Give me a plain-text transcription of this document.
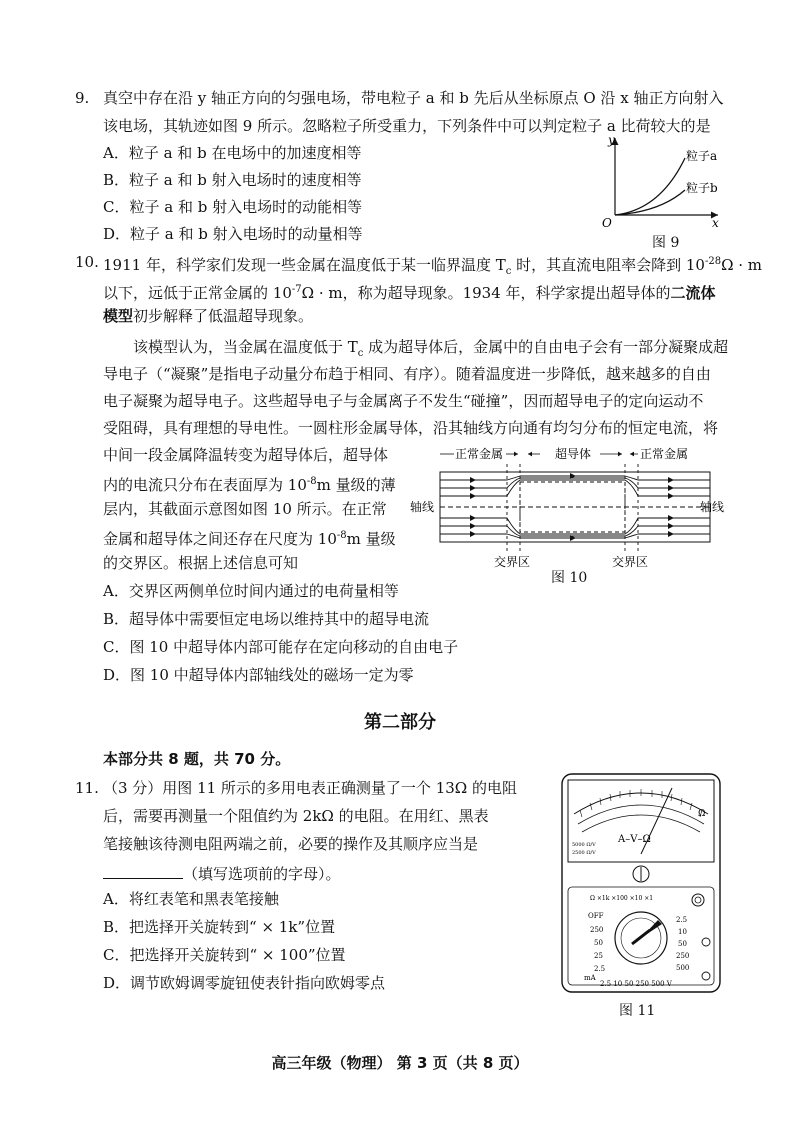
9. 真空中存在沿 y 轴正方向的匀强电场，带电粒子 a 和 b 先后从坐标原点 O 沿 x 轴正方向射入
该电场，其轨迹如图 9 所示。忽略粒子所受重力，下列条件中可以判定粒子 a 比荷较大的是
A．粒子 a 和 b 在电场中的加速度相等
B．粒子 a 和 b 射入电场时的速度相等
C．粒子 a 和 b 射入电场时的动能相等
D．粒子 a 和 b 射入电场时的动量相等
y
x
O
粒子a
粒子b
图 9
10. 1911 年，科学家们发现一些金属在温度低于某一临界温度 $T_c$ 时，其直流电阻率会降到 $10^{-28}\Omega \cdot m$
以下，远低于正常金属的 $10^{-7}\Omega \cdot m$，称为超导现象。1934 年，科学家提出超导体的二流体
模型初步解释了低温超导现象。
该模型认为，当金属在温度低于 $T_c$ 成为超导体后，金属中的自由电子会有一部分凝聚成超
导电子（“凝聚”是指电子动量分布趋于相同、有序）。随着温度进一步降低，越来越多的自由
电子凝聚为超导电子。这些超导电子与金属离子不发生“碰撞”，因而超导电子的定向运动不
受阻碍，具有理想的导电性。一圆柱形金属导体，沿其轴线方向通有均匀分布的恒定电流，将
中间一段金属降温转变为超导体后，超导体
内的电流只分布在表面厚为 $10^{-8}m$ 量级的薄
层内，其截面示意图如图 10 所示。在正常
金属和超导体之间还存在尺度为 $10^{-8}m$ 量级
的交界区。根据上述信息可知
A．交界区两侧单位时间内通过的电荷量相等
B．超导体中需要恒定电场以维持其中的超导电流
C．图 10 中超导体内部可能存在定向移动的自由电子
D．图 10 中超导体内部轴线处的磁场一定为零
正常金属	超导体	正常金属
轴线	轴线
交界区	交界区
图 10
第二部分
本部分共 8 题，共 70 分。
11. （3 分）用图 11 所示的多用电表正确测量了一个 13Ω 的电阻
后，需要再测量一个阻值约为 2kΩ 的电阻。在用红、黑表
笔接触该待测电阻两端之前，必要的操作及其顺序应当是
（填写选项前的字母）。
A．将红表笔和黑表笔接触
B．把选择开关旋转到“ × 1k”位置
C．把选择开关旋转到“ × 100”位置
D．调节欧姆调零旋钮使表针指向欧姆零点
Ω
A–V–Ω
5000 Ω/V
2500 Ω/V
Ω ×1k ×100 ×10 ×1
OFF
250
50
25
2.5
mA
2.5
10
50
250
500
2.5 10 50 250 500 V
图 11
高三年级（物理） 第 3 页（共 8 页）
